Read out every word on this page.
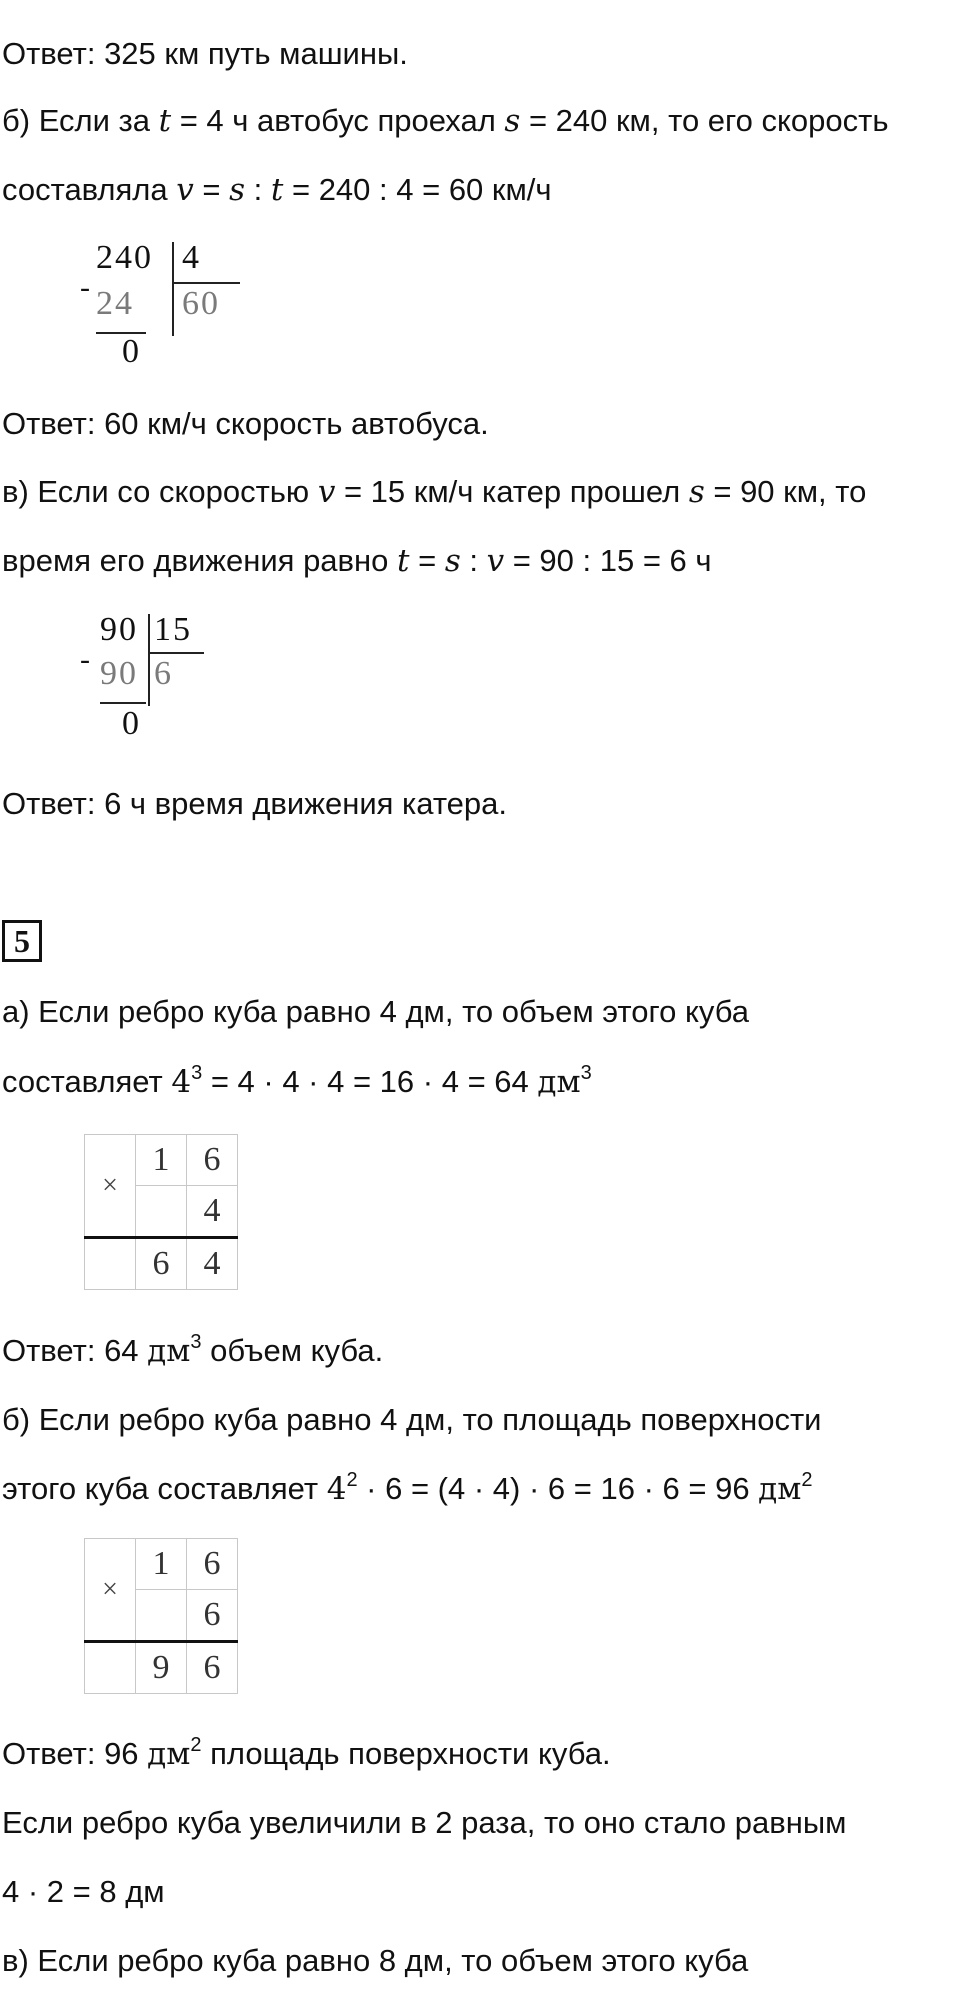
Ответ: 325 км путь машины.
б) Если за t = 4 ч автобус проехал s = 240 км, то его скорость
составляла v = s : t = 240 : 4 = 60 км/ч
-
240 4
24 60
0
Ответ: 60 км/ч скорость автобуса.
в) Если со скоростью v = 15 км/ч катер прошел s = 90 км, то
время его движения равно t = s : v = 90 : 15 = 6 ч
-
90 15
90 6
0
Ответ: 6 ч время движения катера.
5
а) Если ребро куба равно 4 дм, то объем этого куба
составляет $4^3 = 4 \cdot 4 \cdot 4 = 16 \cdot 4 = 64$ $дм^3$
×	1	6
		4
	6	4
Ответ: 64 $дм^3$ объем куба.
б) Если ребро куба равно 4 дм, то площадь поверхности
этого куба составляет $4^2 \cdot 6 = (4 \cdot 4) \cdot 6 = 16 \cdot 6 = 96$ $дм^2$
×	1	6
		6
	9	6
Ответ: 96 $дм^2$ площадь поверхности куба.
Если ребро куба увеличили в 2 раза, то оно стало равным
4 · 2 = 8 дм
в) Если ребро куба равно 8 дм, то объем этого куба
